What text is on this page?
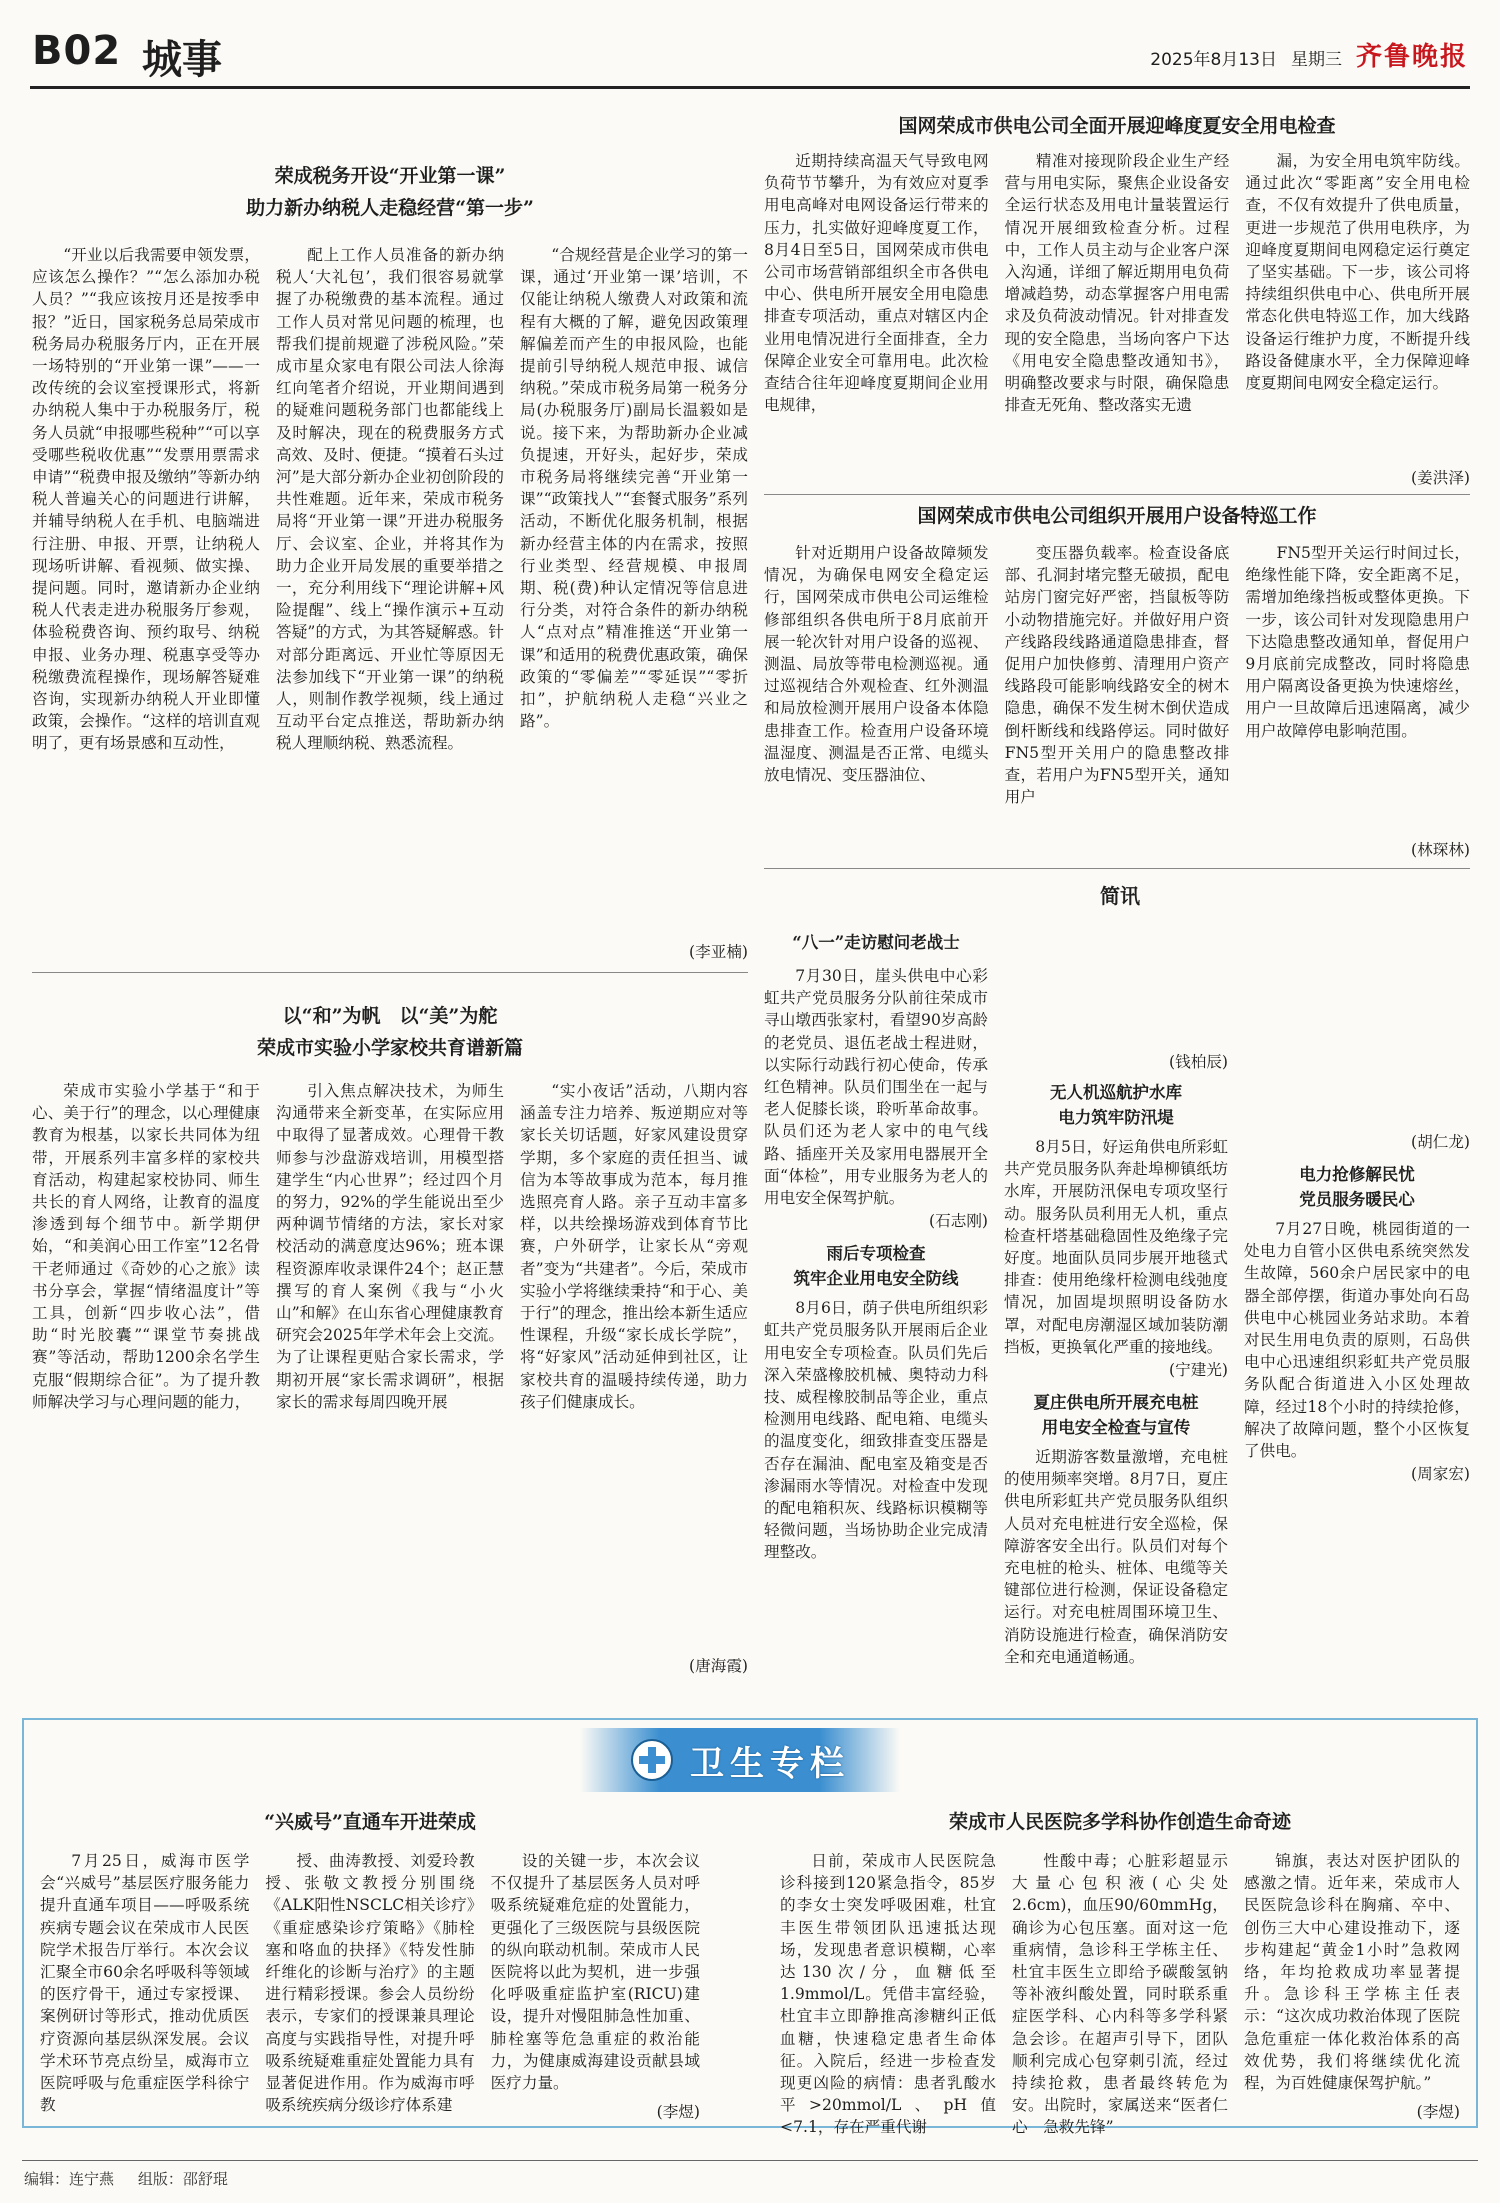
B02 城事	2025年8月13日 星期三 齐鲁晚报
荣成税务开设“开业第一课”
助力新办纳税人走稳经营“第一步”

“开业以后我需要申领发票，应该怎么操作？”“怎么添加办税人员？”“我应该按月还是按季申报？”近日，国家税务总局荣成市税务局办税服务厅内，正在开展一场特别的“开业第一课”——一改传统的会议室授课形式，将新办纳税人集中于办税服务厅，税务人员就“申报哪些税种”“可以享受哪些税收优惠”“发票用票需求申请”“税费申报及缴纳”等新办纳税人普遍关心的问题进行讲解，并辅导纳税人在手机、电脑端进行注册、申报、开票，让纳税人现场听讲解、看视频、做实操、提问题。同时，邀请新办企业纳税人代表走进办税服务厅参观，体验税费咨询、预约取号、纳税申报、业务办理、税惠享受等办税缴费流程操作，现场解答疑难咨询，实现新办纳税人开业即懂政策，会操作。“这样的培训直观明了，更有场景感和互动性，

配上工作人员准备的新办纳税人‘大礼包’，我们很容易就掌握了办税缴费的基本流程。通过工作人员对常见问题的梳理，也帮我们提前规避了涉税风险。”荣成市星众家电有限公司法人徐海红向笔者介绍说，开业期间遇到的疑难问题税务部门也都能线上及时解决，现在的税费服务方式高效、及时、便捷。“摸着石头过河”是大部分新办企业初创阶段的共性难题。近年来，荣成市税务局将“开业第一课”开进办税服务厅、会议室、企业，并将其作为助力企业开局发展的重要举措之一，充分利用线下“理论讲解+风险提醒”、线上“操作演示+互动答疑”的方式，为其答疑解惑。针对部分距离远、开业忙等原因无法参加线下“开业第一课”的纳税人，则制作教学视频，线上通过互动平台定点推送，帮助新办纳税人理顺纳税、熟悉流程。

“合规经营是企业学习的第一课，通过‘开业第一课’培训，不仅能让纳税人缴费人对政策和流程有大概的了解，避免因政策理解偏差而产生的申报风险，也能提前引导纳税人规范申报、诚信纳税。”荣成市税务局第一税务分局(办税服务厅)副局长温毅如是说。接下来，为帮助新办企业减负提速，开好头，起好步，荣成市税务局将继续完善“开业第一课”“政策找人”“套餐式服务”系列活动，不断优化服务机制，根据新办经营主体的内在需求，按照行业类型、经营规模、申报周期、税(费)种认定情况等信息进行分类，对符合条件的新办纳税人“点对点”精准推送“开业第一课”和适用的税费优惠政策，确保政策的“零偏差”“零延误”“零折扣”，护航纳税人走稳“兴业之路”。

(李亚楠)
国网荣成市供电公司全面开展迎峰度夏安全用电检查

近期持续高温天气导致电网负荷节节攀升，为有效应对夏季用电高峰对电网设备运行带来的压力，扎实做好迎峰度夏工作，8月4日至5日，国网荣成市供电公司市场营销部组织全市各供电中心、供电所开展安全用电隐患排查专项活动，重点对辖区内企业用电情况进行全面排查，全力保障企业安全可靠用电。此次检查结合往年迎峰度夏期间企业用电规律，

精准对接现阶段企业生产经营与用电实际，聚焦企业设备安全运行状态及用电计量装置运行情况开展细致检查分析。过程中，工作人员主动与企业客户深入沟通，详细了解近期用电负荷增减趋势，动态掌握客户用电需求及负荷波动情况。针对排查发现的安全隐患，当场向客户下达《用电安全隐患整改通知书》，明确整改要求与时限，确保隐患排查无死角、整改落实无遗

漏，为安全用电筑牢防线。通过此次“零距离”安全用电检查，不仅有效提升了供电质量，更进一步规范了供用电秩序，为迎峰度夏期间电网稳定运行奠定了坚实基础。下一步，该公司将持续组织供电中心、供电所开展常态化供电特巡工作，加大线路设备运行维护力度，不断提升线路设备健康水平，全力保障迎峰度夏期间电网安全稳定运行。

(姜洪泽)
国网荣成市供电公司组织开展用户设备特巡工作

针对近期用户设备故障频发情况，为确保电网安全稳定运行，国网荣成市供电公司运维检修部组织各供电所于8月底前开展一轮次针对用户设备的巡视、测温、局放等带电检测巡视。通过巡视结合外观检查、红外测温和局放检测开展用户设备本体隐患排查工作。检查用户设备环境温湿度、测温是否正常、电缆头放电情况、变压器油位、

变压器负载率。检查设备底部、孔洞封堵完整无破损，配电站房门窗完好严密，挡鼠板等防小动物措施完好。并做好用户资产线路段线路通道隐患排查，督促用户加快修剪、清理用户资产线路段可能影响线路安全的树木隐患，确保不发生树木倒伏造成倒杆断线和线路停运。同时做好FN5型开关用户的隐患整改排查，若用户为FN5型开关，通知用户

FN5型开关运行时间过长，绝缘性能下降，安全距离不足，需增加绝缘挡板或整体更换。下一步，该公司针对发现隐患用户下达隐患整改通知单，督促用户9月底前完成整改，同时将隐患用户隔离设备更换为快速熔丝，用户一旦故障后迅速隔离，减少用户故障停电影响范围。

(林琛林)
以“和”为帆　以“美”为舵
荣成市实验小学家校共育谱新篇

荣成市实验小学基于“和于心、美于行”的理念，以心理健康教育为根基，以家长共同体为纽带，开展系列丰富多样的家校共育活动，构建起家校协同、师生共长的育人网络，让教育的温度渗透到每个细节中。新学期伊始，“和美润心田工作室”12名骨干老师通过《奇妙的心之旅》读书分享会，掌握“情绪温度计”等工具，创新“四步收心法”，借助“时光胶囊”“课堂节奏挑战赛”等活动，帮助1200余名学生克服“假期综合征”。为了提升教师解决学习与心理问题的能力，

引入焦点解决技术，为师生沟通带来全新变革，在实际应用中取得了显著成效。心理骨干教师参与沙盘游戏培训，用模型搭建学生“内心世界”；经过四个月的努力，92%的学生能说出至少两种调节情绪的方法，家长对家校活动的满意度达96%；班本课程资源库收录课件24个；赵正慧撰写的育人案例《我与“小火山”和解》在山东省心理健康教育研究会2025年学术年会上交流。为了让课程更贴合家长需求，学期初开展“家长需求调研”，根据家长的需求每周四晚开展

“实小夜话”活动，八期内容涵盖专注力培养、叛逆期应对等家长关切话题，好家风建设贯穿学期，多个家庭的责任担当、诚信为本等故事成为范本，每月推选照亮育人路。亲子互动丰富多样，以共绘操场游戏到体育节比赛，户外研学，让家长从“旁观者”变为“共建者”。今后，荣成市实验小学将继续秉持“和于心、美于行”的理念，推出绘本新生适应性课程，升级“家长成长学院”，将“好家风”活动延伸到社区，让家校共育的温暖持续传递，助力孩子们健康成长。

(唐海霞)
简讯
“八一”走访慰问老战士

7月30日，崖头供电中心彩虹共产党员服务分队前往荣成市寻山墩西张家村，看望90岁高龄的老党员、退伍老战士程进财，以实际行动践行初心使命，传承红色精神。队员们围坐在一起与老人促膝长谈，聆听革命故事。队员们还为老人家中的电气线路、插座开关及家用电器展开全面“体检”，用专业服务为老人的用电安全保驾护航。

(石志刚)
雨后专项检查
筑牢企业用电安全防线

8月6日，荫子供电所组织彩虹共产党员服务队开展雨后企业用电安全专项检查。队员们先后深入荣盛橡胶机械、奥特动力科技、威程橡胶制品等企业，重点检测用电线路、配电箱、电缆头的温度变化，细致排查变压器是否存在漏油、配电室及箱变是否渗漏雨水等情况。对检查中发现的配电箱积灰、线路标识模糊等轻微问题，当场协助企业完成清理整改。

(钱柏辰)
无人机巡航护水库
电力筑牢防汛堤

8月5日，好运角供电所彩虹共产党员服务队奔赴埠柳镇纸坊水库，开展防汛保电专项攻坚行动。服务队员利用无人机，重点检查杆塔基础稳固性及绝缘子完好度。地面队员同步展开地毯式排查：使用绝缘杆检测电线弛度情况，加固堤坝照明设备防水罩，对配电房潮湿区域加装防潮挡板，更换氧化严重的接地线。

(宁建光)
夏庄供电所开展充电桩
用电安全检查与宣传

近期游客数量激增，充电桩的使用频率突增。8月7日，夏庄供电所彩虹共产党员服务队组织人员对充电桩进行安全巡检，保障游客安全出行。队员们对每个充电桩的枪头、桩体、电缆等关键部位进行检测，保证设备稳定运行。对充电桩周围环境卫生、消防设施进行检查，确保消防安全和充电通道畅通。

(胡仁龙)
电力抢修解民忧
党员服务暖民心

7月27日晚，桃园街道的一处电力自管小区供电系统突然发生故障，560余户居民家中的电器全部停摆，街道办事处向石岛供电中心桃园业务站求助。本着对民生用电负责的原则，石岛供电中心迅速组织彩虹共产党员服务队配合街道进入小区处理故障，经过18个小时的持续抢修，解决了故障问题，整个小区恢复了供电。

(周家宏)
卫生专栏
“兴威号”直通车开进荣成

7月25日，威海市医学会“兴威号”基层医疗服务能力提升直通车项目——呼吸系统疾病专题会议在荣成市人民医院学术报告厅举行。本次会议汇聚全市60余名呼吸科等领域的医疗骨干，通过专家授课、案例研讨等形式，推动优质医疗资源向基层纵深发展。会议学术环节亮点纷呈，威海市立医院呼吸与危重症医学科徐宁教

授、曲涛教授、刘爱玲教授、张敬文教授分别围绕《ALK阳性NSCLC相关诊疗》《重症感染诊疗策略》《肺栓塞和咯血的抉择》《特发性肺纤维化的诊断与治疗》的主题进行精彩授课。参会人员纷纷表示，专家们的授课兼具理论高度与实践指导性，对提升呼吸系统疑难重症处置能力具有显著促进作用。作为威海市呼吸系统疾病分级诊疗体系建

设的关键一步，本次会议不仅提升了基层医务人员对呼吸系统疑难危症的处置能力，更强化了三级医院与县级医院的纵向联动机制。荣成市人民医院将以此为契机，进一步强化呼吸重症监护室(RICU)建设，提升对慢阻肺急性加重、肺栓塞等危急重症的救治能力，为健康威海建设贡献县域医疗力量。

(李煜)
荣成市人民医院多学科协作创造生命奇迹

日前，荣成市人民医院急诊科接到120紧急指令，85岁的李女士突发呼吸困难，杜宜丰医生带领团队迅速抵达现场，发现患者意识模糊，心率达130次/分，血糖低至1.9mmol/L。凭借丰富经验，杜宜丰立即静推高渗糖纠正低血糖，快速稳定患者生命体征。入院后，经进一步检查发现更凶险的病情：患者乳酸水平>20mmol/L、pH值<7.1，存在严重代谢

性酸中毒；心脏彩超显示大量心包积液(心尖处2.6cm)，血压90/60mmHg，确诊为心包压塞。面对这一危重病情，急诊科王学栋主任、杜宜丰医生立即给予碳酸氢钠等补液纠酸处置，同时联系重症医学科、心内科等多学科紧急会诊。在超声引导下，团队顺利完成心包穿刺引流，经过持续抢救，患者最终转危为安。出院时，家属送来“医者仁心　急救先锋”

锦旗，表达对医护团队的感激之情。近年来，荣成市人民医院急诊科在胸痛、卒中、创伤三大中心建设推动下，逐步构建起“黄金1小时”急救网络，年均抢救成功率显著提升。急诊科王学栋主任表示：“这次成功救治体现了医院急危重症一体化救治体系的高效优势，我们将继续优化流程，为百姓健康保驾护航。”

(李煜)
编辑：连宁燕 组版：邵舒琨
